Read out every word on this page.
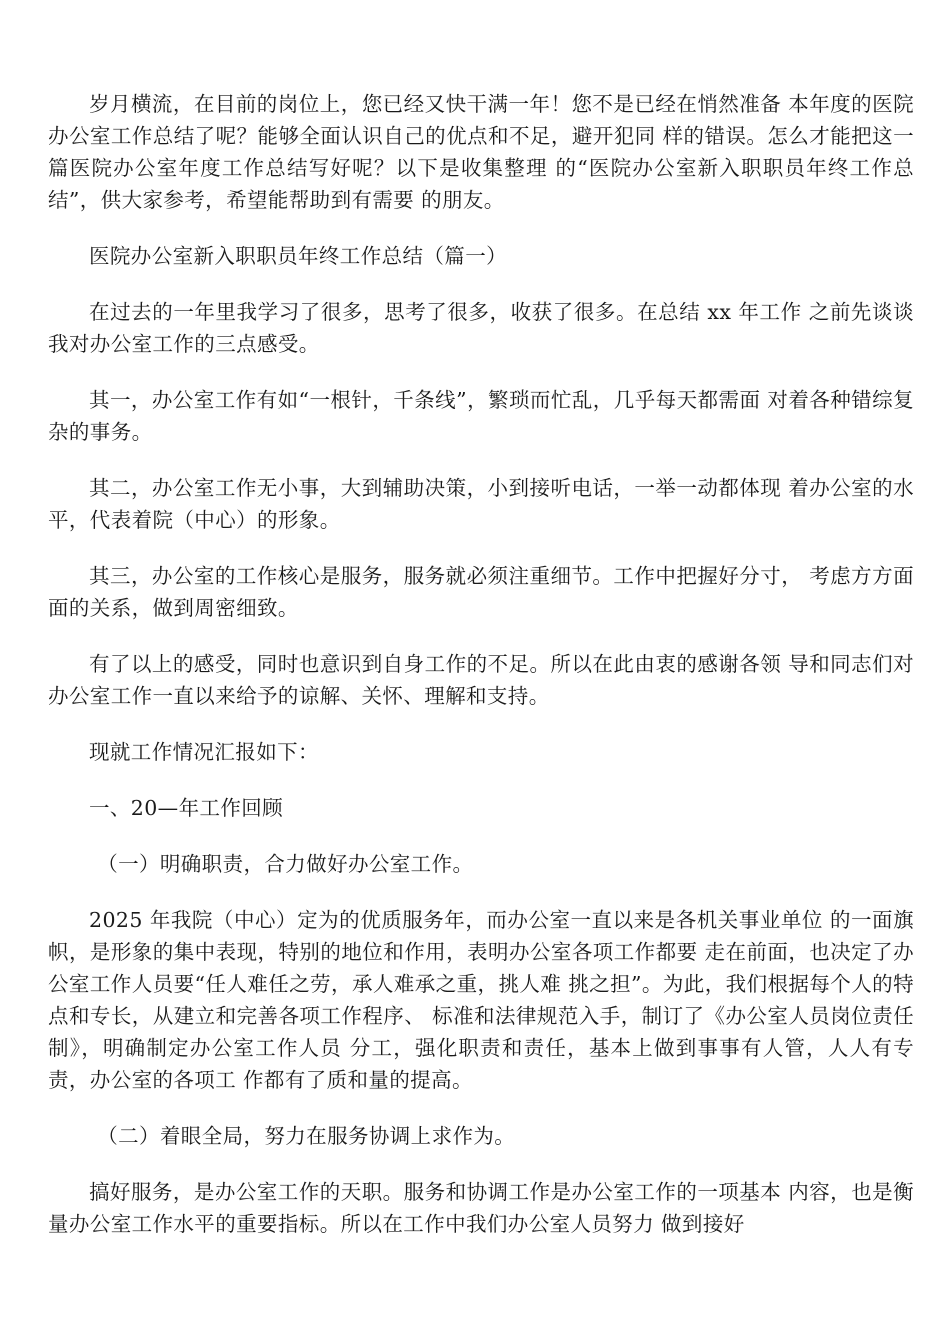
岁月横流，在目前的岗位上，您已经又快干满一年！您不是已经在悄然准备 本年度的医院办公室工作总结了呢？能够全面认识自己的优点和不足，避开犯同 样的错误。怎么才能把这一篇医院办公室年度工作总结写好呢？以下是收集整理 的“医院办公室新入职职员年终工作总结”，供大家参考，希望能帮助到有需要 的朋友。

医院办公室新入职职员年终工作总结（篇一）

在过去的一年里我学习了很多，思考了很多，收获了很多。在总结 xx 年工作 之前先谈谈我对办公室工作的三点感受。

其一，办公室工作有如“一根针，千条线”，繁琐而忙乱，几乎每天都需面 对着各种错综复杂的事务。

其二，办公室工作无小事，大到辅助决策，小到接听电话，一举一动都体现 着办公室的水平，代表着院（中心）的形象。

其三，办公室的工作核心是服务，服务就必须注重细节。工作中把握好分寸， 考虑方方面面的关系，做到周密细致。

有了以上的感受，同时也意识到自身工作的不足。所以在此由衷的感谢各领 导和同志们对办公室工作一直以来给予的谅解、关怀、理解和支持。

现就工作情况汇报如下：

一、20—年工作回顾

（一）明确职责，合力做好办公室工作。

2025 年我院（中心）定为的优质服务年，而办公室一直以来是各机关事业单位 的一面旗帜，是形象的集中表现，特别的地位和作用，表明办公室各项工作都要 走在前面，也决定了办公室工作人员要“任人难任之劳，承人难承之重，挑人难 挑之担”。为此，我们根据每个人的特点和专长，从建立和完善各项工作程序、 标准和法律规范入手，制订了《办公室人员岗位责任制》，明确制定办公室工作人员 分工，强化职责和责任，基本上做到事事有人管，人人有专责，办公室的各项工 作都有了质和量的提高。

（二）着眼全局，努力在服务协调上求作为。

搞好服务，是办公室工作的天职。服务和协调工作是办公室工作的一项基本 内容，也是衡量办公室工作水平的重要指标。所以在工作中我们办公室人员努力 做到接好
